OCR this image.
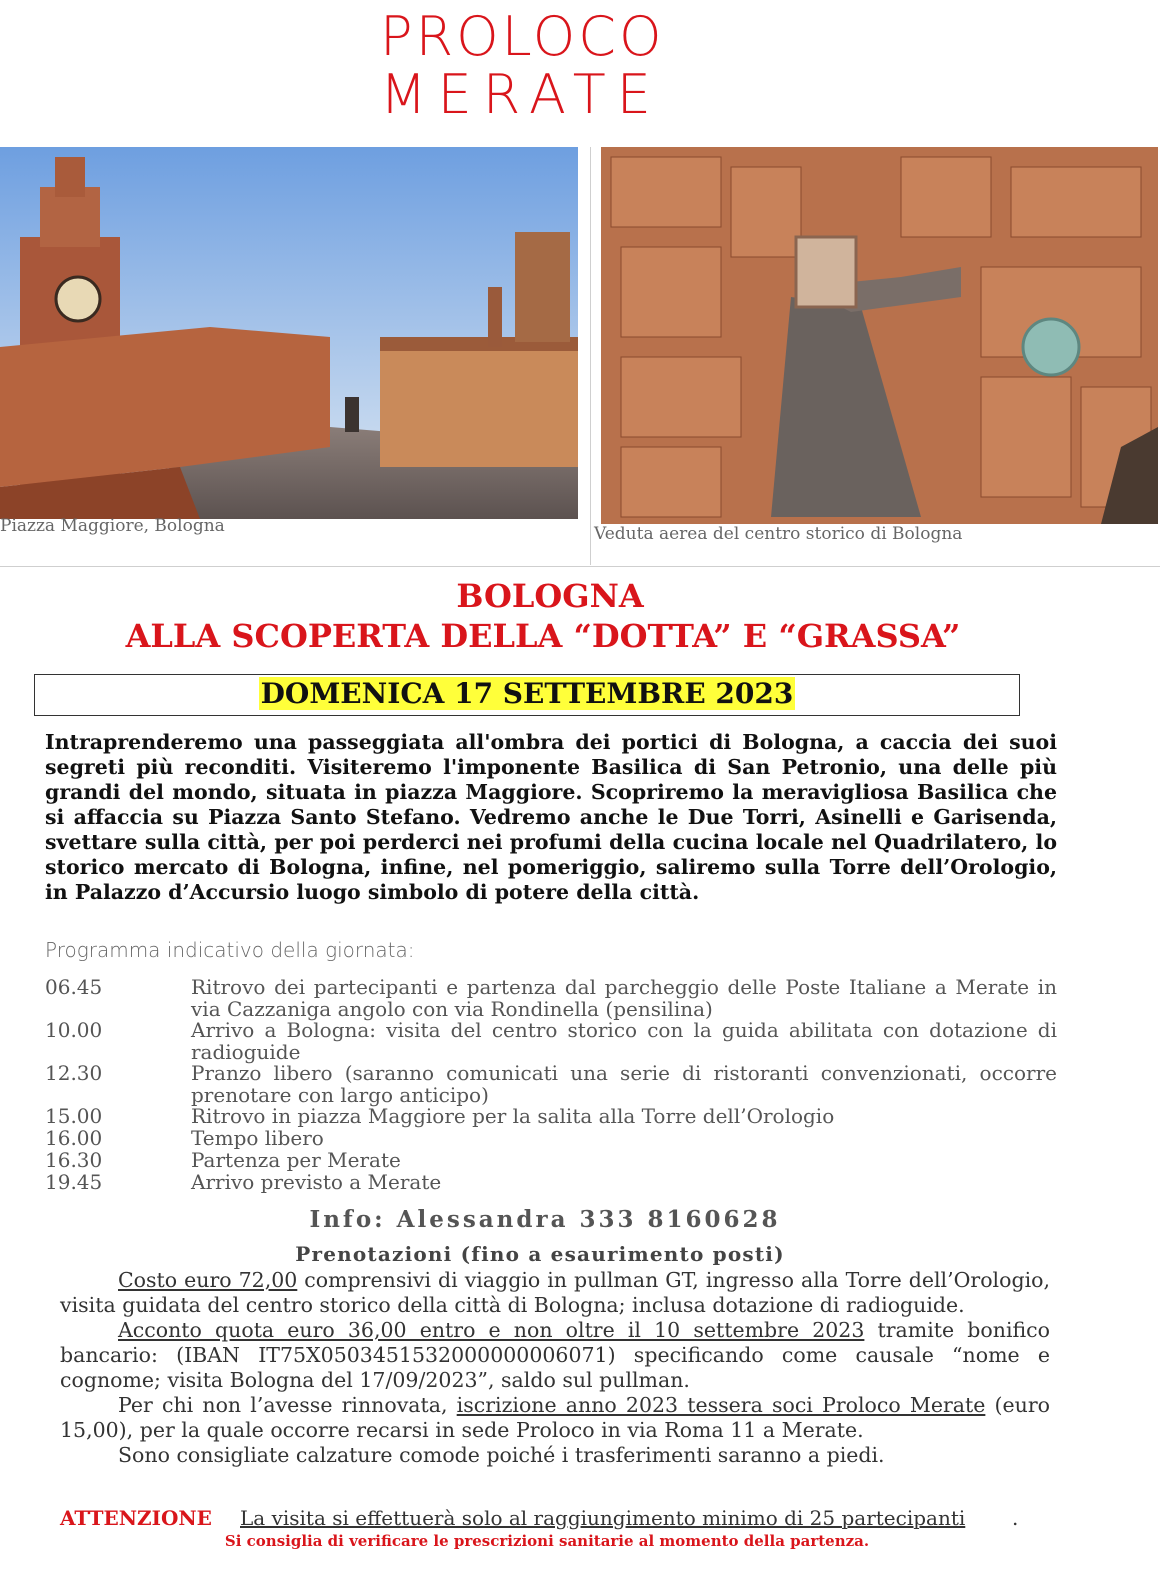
PROLOCO
MERATE
Piazza Maggiore, Bologna	Veduta aerea del centro storico di Bologna
BOLOGNA
ALLA SCOPERTA DELLA “DOTTA” E “GRASSA”
DOMENICA 17 SETTEMBRE 2023
Intraprenderemo una passeggiata all'ombra dei portici di Bologna, a caccia dei suoi segreti più reconditi. Visiteremo l'imponente Basilica di San Petronio, una delle più grandi del mondo, situata in piazza Maggiore. Scopriremo la meravigliosa Basilica che si affaccia su Piazza Santo Stefano. Vedremo anche le Due Torri, Asinelli e Garisenda, svettare sulla città, per poi perderci nei profumi della cucina locale nel Quadrilatero, lo storico mercato di Bologna, infine, nel pomeriggio, saliremo sulla Torre dell’Orologio, in Palazzo d’Accursio luogo simbolo di potere della città.
Programma indicativo della giornata:
06.45	Ritrovo dei partecipanti e partenza dal parcheggio delle Poste Italiane a Merate in via Cazzaniga angolo con via Rondinella (pensilina)
10.00	Arrivo a Bologna: visita del centro storico con la guida abilitata con dotazione di radioguide
12.30	Pranzo libero (saranno comunicati una serie di ristoranti convenzionati, occorre prenotare con largo anticipo)
15.00	Ritrovo in piazza Maggiore per la salita alla Torre dell’Orologio
16.00	Tempo libero
16.30	Partenza per Merate
19.45	Arrivo previsto a Merate
Info: Alessandra 333 8160628
Prenotazioni (fino a esaurimento posti)

Costo euro 72,00 comprensivi di viaggio in pullman GT, ingresso alla Torre dell’Orologio, visita guidata del centro storico della città di Bologna; inclusa dotazione di radioguide.

Acconto quota euro 36,00 entro e non oltre il 10 settembre 2023 tramite bonifico bancario: (IBAN IT75X0503451532000000006071) specificando come causale “nome e cognome; visita Bologna del 17/09/2023”, saldo sul pullman.

Per chi non l’avesse rinnovata, iscrizione anno 2023 tessera soci Proloco Merate (euro 15,00), per la quale occorre recarsi in sede Proloco in via Roma 11 a Merate.

Sono consigliate calzature comode poiché i trasferimenti saranno a piedi.

ATTENZIONE La visita si effettuerà solo al raggiungimento minimo di 25 partecipanti .
Si consiglia di verificare le prescrizioni sanitarie al momento della partenza.
